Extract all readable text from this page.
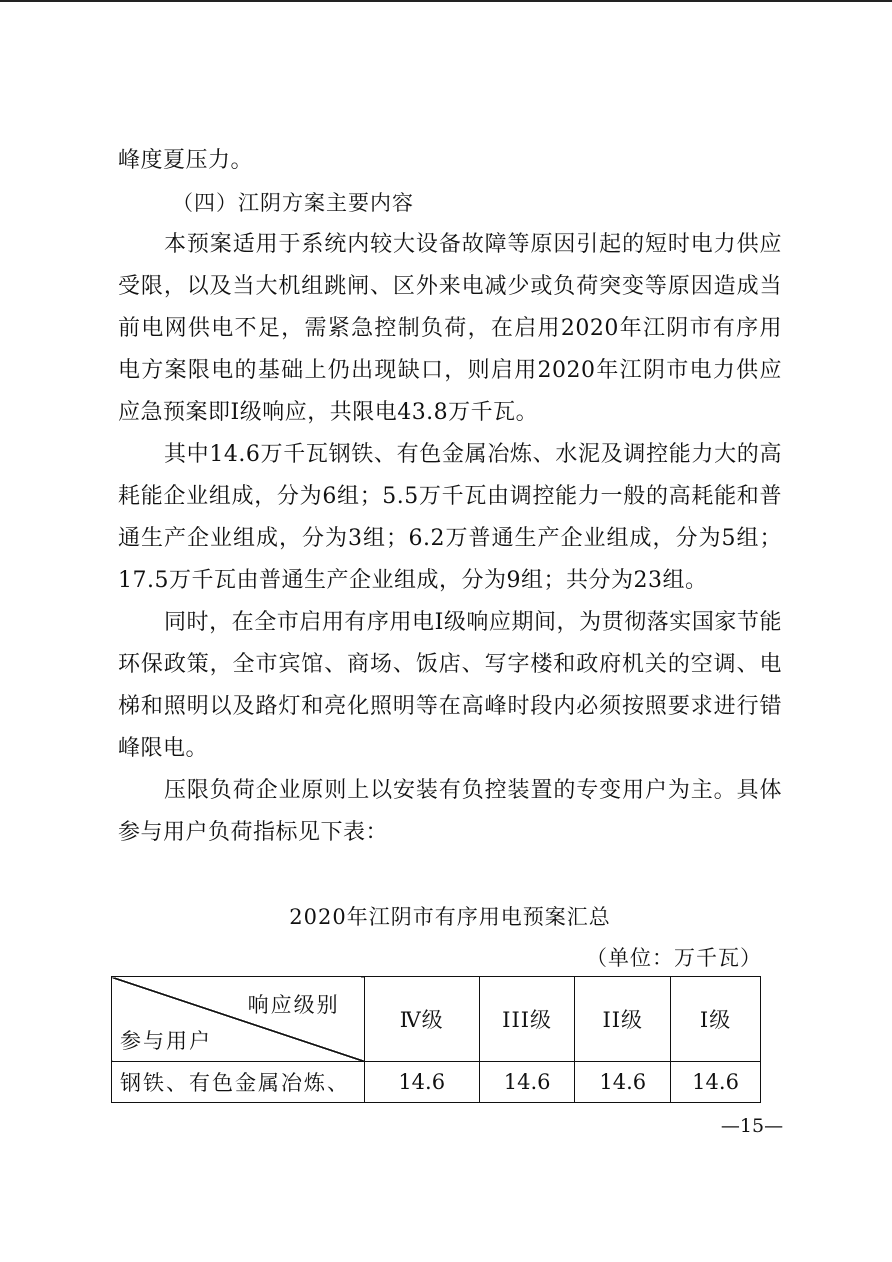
峰度夏压力。

（四）江阴方案主要内容

本预案适用于系统内较大设备故障等原因引起的短时电力供应受限，以及当大机组跳闸、区外来电减少或负荷突变等原因造成当前电网供电不足，需紧急控制负荷，在启用2020年江阴市有序用电方案限电的基础上仍出现缺口，则启用2020年江阴市电力供应应急预案即I级响应，共限电43.8万千瓦。

其中14.6万千瓦钢铁、有色金属冶炼、水泥及调控能力大的高耗能企业组成，分为6组；5.5万千瓦由调控能力一般的高耗能和普通生产企业组成，分为3组；6.2万普通生产企业组成，分为5组；17.5万千瓦由普通生产企业组成，分为9组；共分为23组。

同时，在全市启用有序用电I级响应期间，为贯彻落实国家节能环保政策，全市宾馆、商场、饭店、写字楼和政府机关的空调、电梯和照明以及路灯和亮化照明等在高峰时段内必须按照要求进行错峰限电。

压限负荷企业原则上以安装有负控装置的专变用户为主。具体参与用户负荷指标见下表：

2020年江阴市有序用电预案汇总

（单位：万千瓦）

响应级别
参与用户	Ⅳ级	III级	II级	I级
钢铁、有色金属冶炼、	14.6	14.6	14.6	14.6

—15—
